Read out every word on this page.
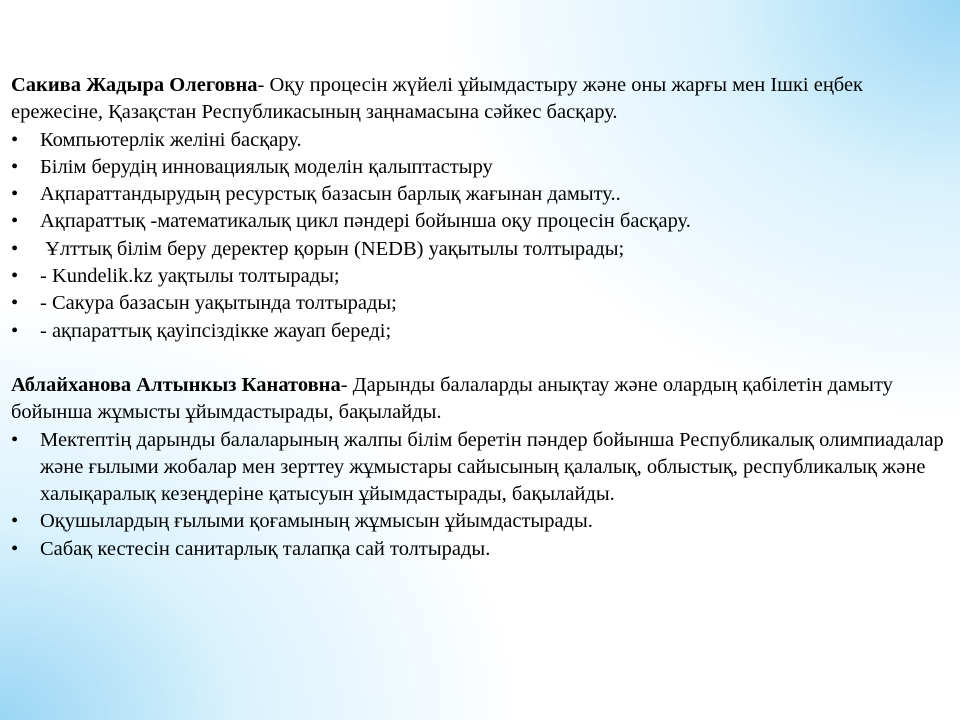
Сакива Жадыра Олеговна- Оқу процесін жүйелі ұйымдастыру және оны жарғы мен Ішкі еңбек ережесіне, Қазақстан Республикасының заңнамасына сәйкес басқару.

• Компьютерлік желіні басқару.
• Білім берудің инновациялық моделін қалыптастыру
• Ақпараттандырудың ресурстық базасын барлық жағынан дамыту..
• Ақпараттық -математикалық цикл пәндері бойынша оқу процесін басқару.
• Ұлттық білім беру деректер қорын (NEDB) уақытылы толтырады;
• - Kundelik.kz уақтылы толтырады;
• - Сакура базасын уақытында толтырады;
• - ақпараттық қауіпсіздікке жауап береді;

Аблайханова Алтынкыз Канатовна- Дарынды балаларды анықтау және олардың қабілетін дамыту бойынша жұмысты ұйымдастырады, бақылайды.

• Мектептің дарынды балаларының жалпы білім беретін пәндер бойынша Республикалық олимпиадалар және ғылыми жобалар мен зерттеу жұмыстары сайысының қалалық, облыстық, республикалық және халықаралық кезеңдеріне қатысуын ұйымдастырады, бақылайды.
• Оқушылардың ғылыми қоғамының жұмысын ұйымдастырады.
• Сабақ кестесін санитарлық талапқа сай толтырады.
